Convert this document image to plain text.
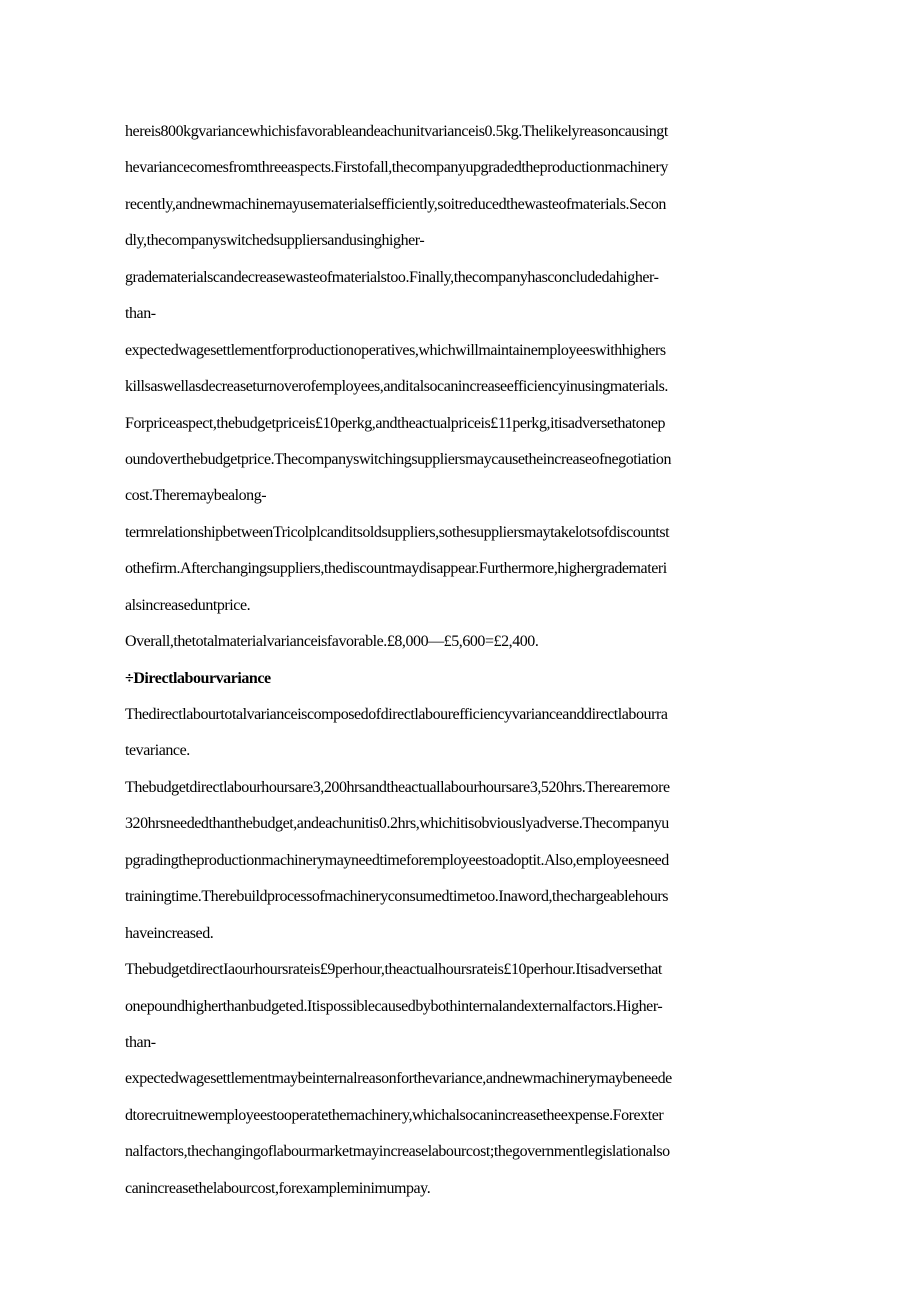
hereis800kgvariancewhichisfavorableandeachunitvarianceis0.5kg.Thelikelyreasoncausingt
hevariancecomesfromthreeaspects.Firstofall,thecompanyupgradedtheproductionmachinery
recently,andnewmachinemayusematerialsefficiently,soitreducedthewasteofmaterials.Secon
dly,thecompanyswitchedsuppliersandusinghigher-
gradematerialscandecreasewasteofmaterialstoo.Finally,thecompanyhasconcludedahigher-
than-
expectedwagesettlementforproductionoperatives,whichwillmaintainemployeeswithhighers
killsaswellasdecreaseturnoverofemployees,anditalsocanincreaseefficiencyinusingmaterials.
Forpriceaspect,thebudgetpriceis£10perkg,andtheactualpriceis£11perkg,itisadversethatonep
oundoverthebudgetprice.Thecompanyswitchingsuppliersmaycausetheincreaseofnegotiation
cost.Theremaybealong-
termrelationshipbetweenTricolplcanditsoldsuppliers,sothesuppliersmaytakelotsofdiscountst
othefirm.Afterchangingsuppliers,thediscountmaydisappear.Furthermore,highergrademateri
alsincreaseduntprice.
Overall,thetotalmaterialvarianceisfavorable.£8,000—£5,600=£2,400.
÷Directlabourvariance
Thedirectlabourtotalvarianceiscomposedofdirectlabourefficiencyvarianceanddirectlabourra
tevariance.
Thebudgetdirectlabourhoursare3,200hrsandtheactuallabourhoursare3,520hrs.Therearemore
320hrsneededthanthebudget,andeachunitis0.2hrs,whichitisobviouslyadverse.Thecompanyu
pgradingtheproductionmachinerymayneedtimeforemployeestoadoptit.Also,employeesneed
trainingtime.Therebuildprocessofmachineryconsumedtimetoo.Inaword,thechargeablehours
haveincreased.
ThebudgetdirectIaourhoursrateis£9perhour,theactualhoursrateis£10perhour.Itisadversethat
onepoundhigherthanbudgeted.Itispossiblecausedbybothinternalandexternalfactors.Higher-
than-
expectedwagesettlementmaybeinternalreasonforthevariance,andnewmachinerymaybeneede
dtorecruitnewemployeestooperatethemachinery,whichalsocanincreasetheexpense.Forexter
nalfactors,thechangingoflabourmarketmayincreaselabourcost;thegovernmentlegislationalso
canincreasethelabourcost,forexampleminimumpay.
